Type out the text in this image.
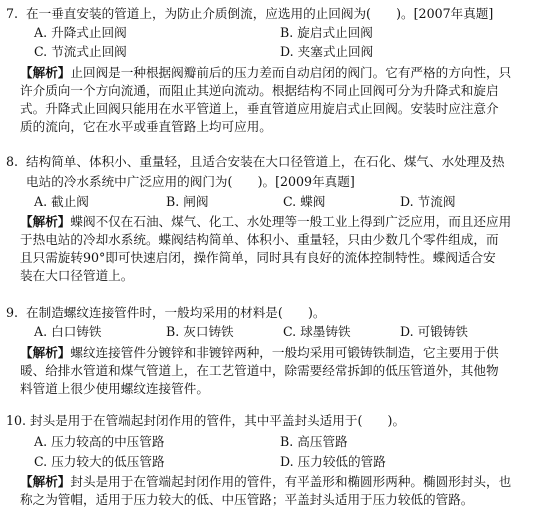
7. 在一垂直安装的管道上，为防止介质倒流，应选用的止回阀为(　　)。[2007年真题]
A. 升降式止回阀	B. 旋启式止回阀
C. 节流式止回阀	D. 夹塞式止回阀

【解析】止回阀是一种根据阀瓣前后的压力差而自动启闭的阀门。它有严格的方向性，只

许介质向一个方向流通，而阻止其逆向流动。根据结构不同止回阀可分为升降式和旋启

式。升降式止回阀只能用在水平管道上，垂直管道应用旋启式止回阀。安装时应注意介

质的流向，它在水平或垂直管路上均可应用。

8. 结构简单、体积小、重量轻，且适合安装在大口径管道上，在石化、煤气、水处理及热
电站的冷水系统中广泛应用的阀门为(　　)。[2009年真题]
A. 截止阀	B. 闸阀	C. 蝶阀	D. 节流阀

【解析】蝶阀不仅在石油、煤气、化工、水处理等一般工业上得到广泛应用，而且还应用

于热电站的冷却水系统。蝶阀结构简单、体积小、重量轻，只由少数几个零件组成，而

且只需旋转90°即可快速启闭，操作简单，同时具有良好的流体控制特性。蝶阀适合安

装在大口径管道上。

9. 在制造螺纹连接管件时，一般均采用的材料是(　　)。
A. 白口铸铁	B. 灰口铸铁	C. 球墨铸铁	D. 可锻铸铁

【解析】螺纹连接管件分镀锌和非镀锌两种，一般均采用可锻铸铁制造，它主要用于供

暖、给排水管道和煤气管道上，在工艺管道中，除需要经常拆卸的低压管道外，其他物

料管道上很少使用螺纹连接管件。

10. 封头是用于在管端起封闭作用的管件，其中平盖封头适用于(　　)。
A. 压力较高的中压管路	B. 高压管路
C. 压力较大的低压管路	D. 压力较低的管路

【解析】封头是用于在管端起封闭作用的管件，有平盖形和椭圆形两种。椭圆形封头，也

称之为管帽，适用于压力较大的低、中压管路；平盖封头适用于压力较低的管路。
